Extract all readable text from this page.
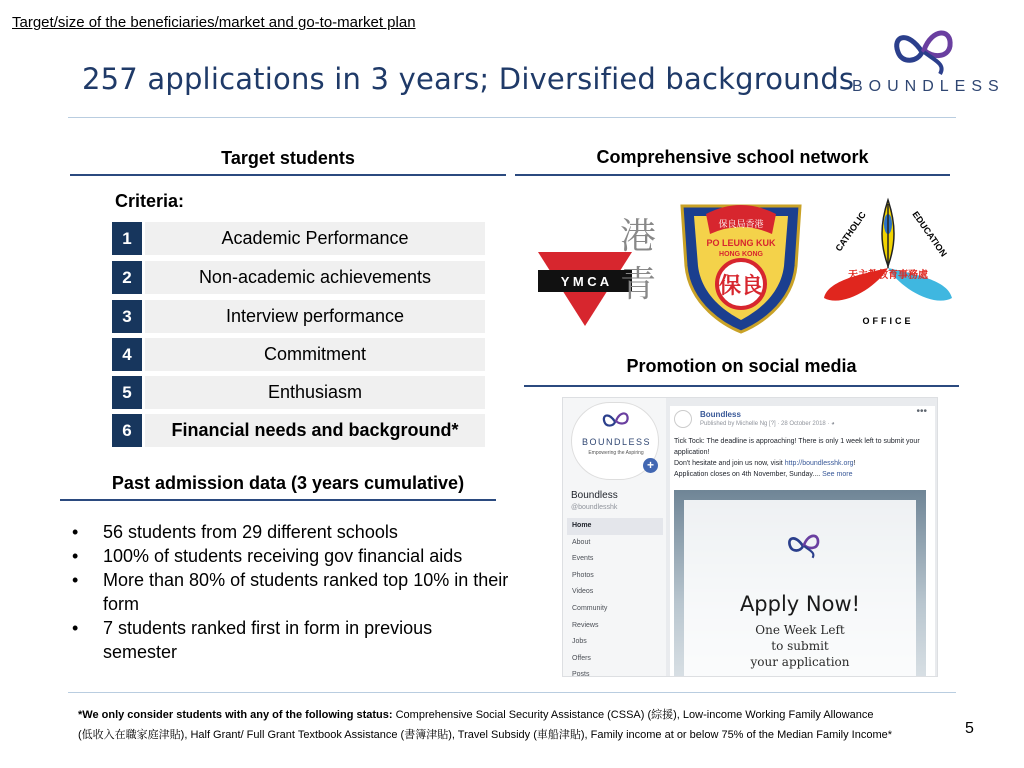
Target/size of the beneficiaries/market and go-to-market plan
257 applications in 3 years; Diversified backgrounds
BOUNDLESS
Target students
Criteria:
1	Academic Performance
2	Non-academic achievements
3	Interview performance
4	Commitment
5	Enthusiasm
6	Financial needs and background*
Past admission data (3 years cumulative)
• 56 students from 29 different schools
• 100% of students receiving gov financial aids
• More than 80% of students ranked top 10% in their form
• 7 students ranked first in form in previous semester
Comprehensive school network
Y M C A
港
青
保良局香港
PO LEUNG KUK
HONG KONG
保良	天主教教育事務處
CATHOLIC	EDUCATION
OFFICE
Promotion on social media
BOUNDLESS
Empowering the Aspiring
+
Boundless
@boundlesshk
Home
About
Events
Photos
Videos
Community
Reviews
Jobs
Offers
Posts
Boundless
Published by Michelle Ng [?] · 28 October 2018 · ◕
•••
Tick Tock: The deadline is approaching! There is only 1 week left to submit your application!
Don't hesitate and join us now, visit http://boundlesshk.org!
Application closes on 4th November, Sunday.... See more
Apply Now!
One Week Left
to submit
your application
*We only consider students with any of the following status: Comprehensive Social Security Assistance (CSSA) (綜援), Low-income Working Family Allowance
(低收入在職家庭津貼), Half Grant/ Full Grant Textbook Assistance (書簿津貼), Travel Subsidy (車船津貼), Family income at or below 75% of the Median Family Income*	5
